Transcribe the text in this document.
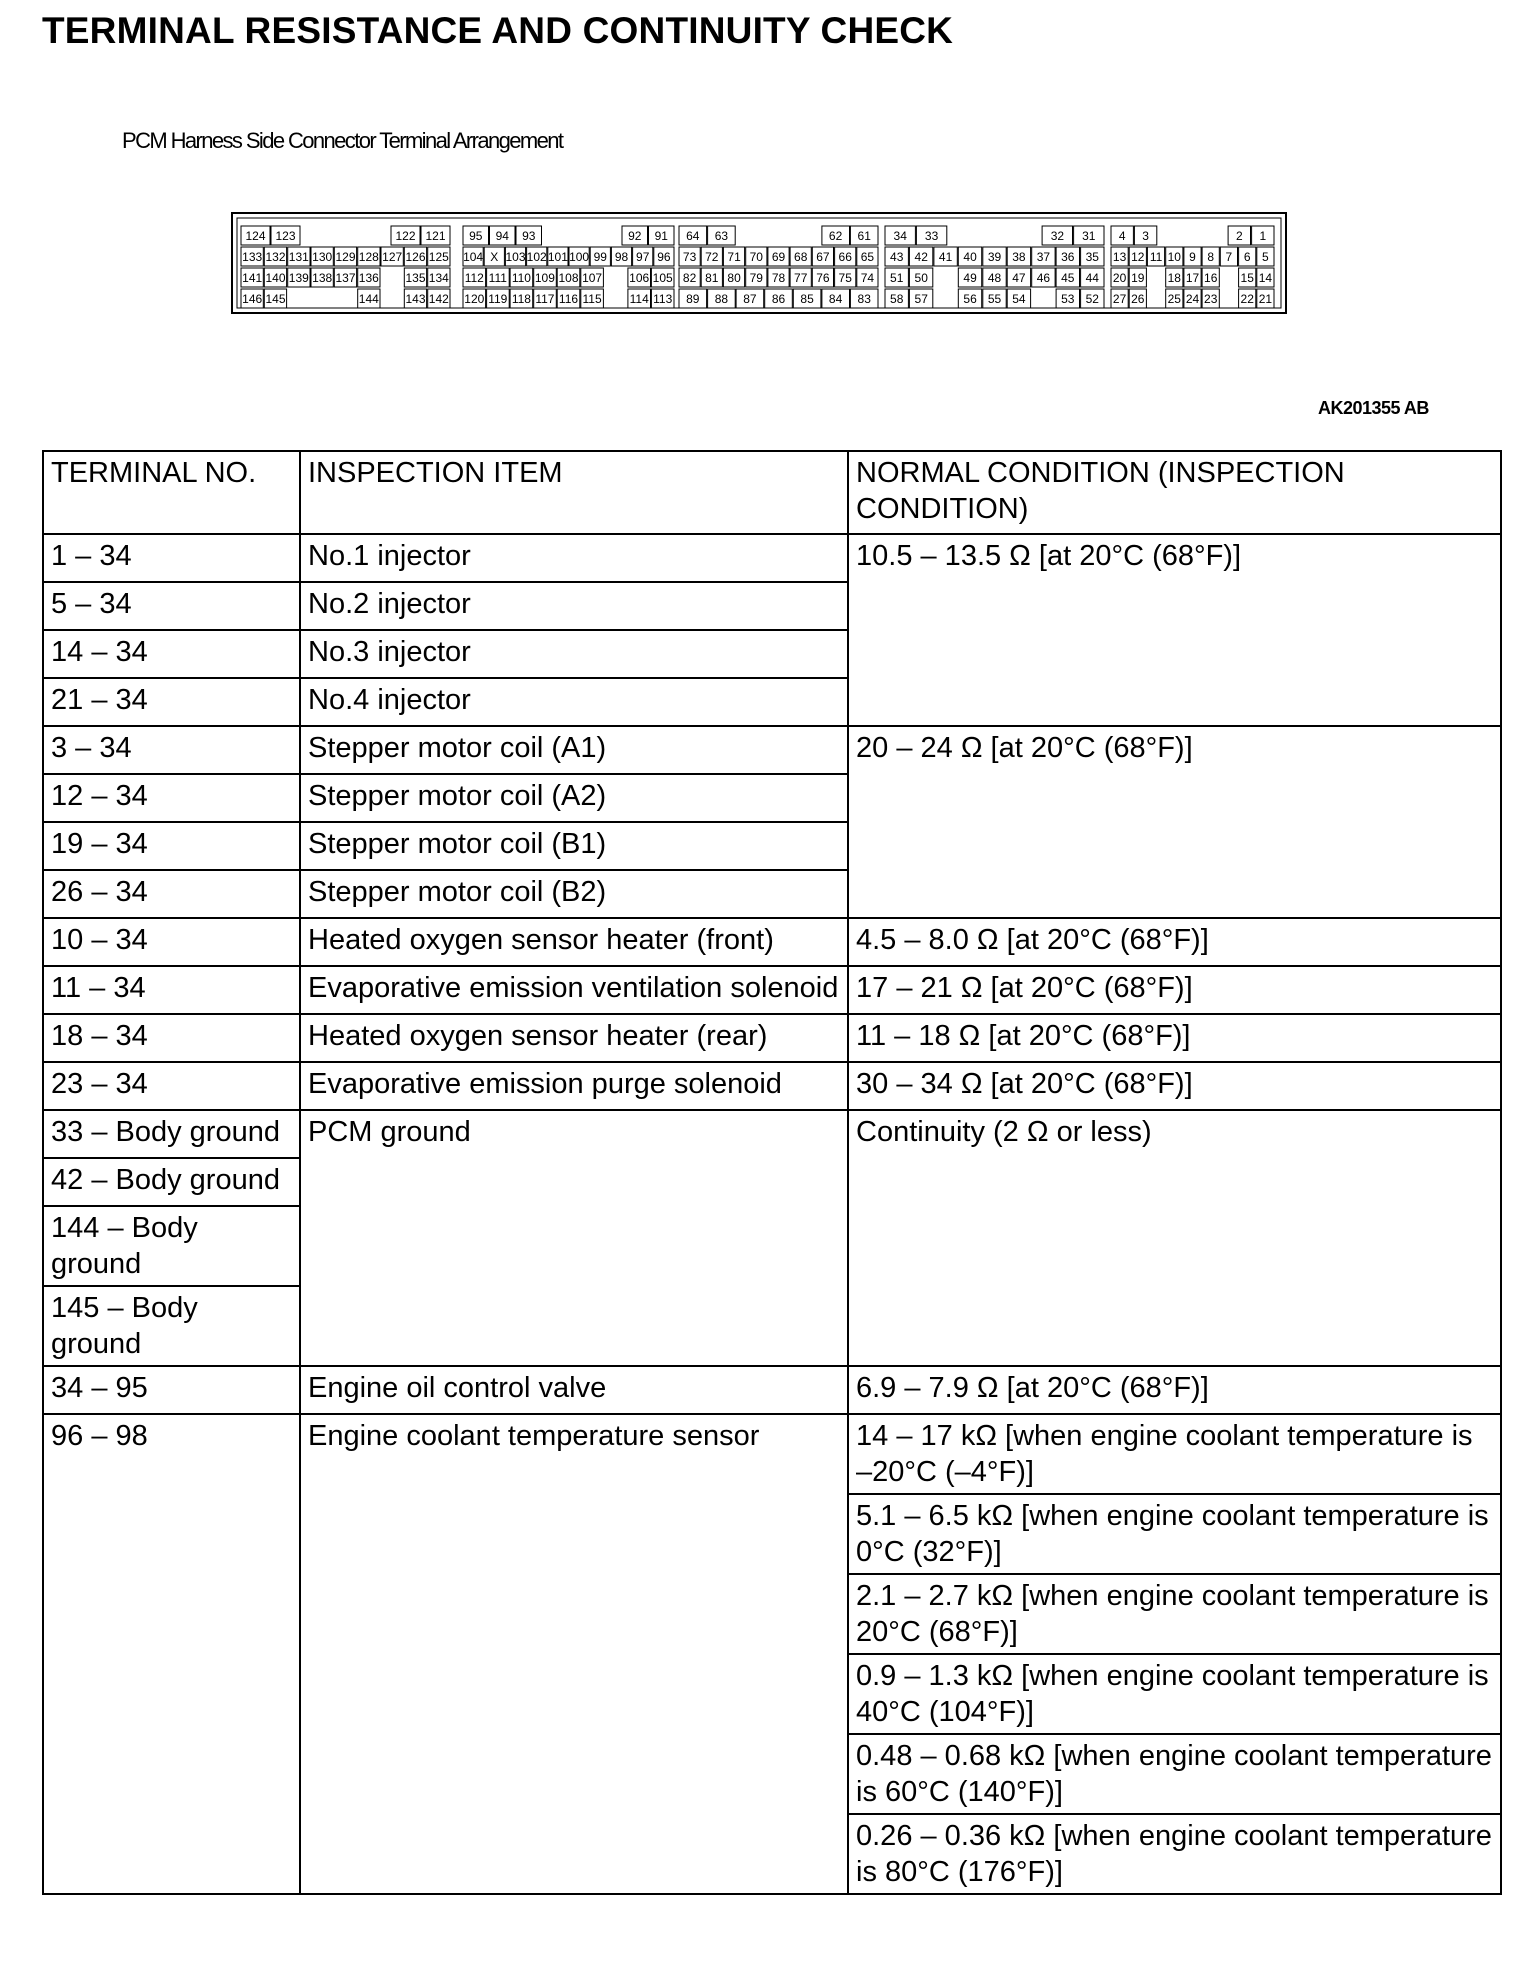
TERMINAL RESISTANCE AND CONTINUITY CHECK
PCM Harness Side Connector Terminal Arrangement
124 123	122 121
133 132 131 130 129 128 127 126 125
141 140 139 138 137 136 135 134
146 145	144 143 142
95 94 93	92 91
104 X 103 102 101 100 99 98 97 96
112 111 110 109 108 107 106 105
120 119 118 117 116 115 114 113
64 63	62 61
73 72 71 70 69 68 67 66 65
82 81 80 79 78 77 76 75 74
89 88 87 86 85 84 83
34 33	32 31
43 42 41 40 39 38 37 36 35
51 50	49 48 47 46 45 44
58 57	56 55 54	53 52
4 3	2 1
13 12 11 10 9 8 7 6 5
20 19 18 17 16 15 14
27 26 25 24 23 22 21
AK201355 AB
TERMINAL NO.	INSPECTION ITEM	NORMAL CONDITION (INSPECTION CONDITION)
1 – 34	No.1 injector	10.5 – 13.5 Ω [at 20°C (68°F)]
5 – 34	No.2 injector	
14 – 34	No.3 injector	
21 – 34	No.4 injector	
3 – 34	Stepper motor coil (A1)	20 – 24 Ω [at 20°C (68°F)]
12 – 34	Stepper motor coil (A2)	
19 – 34	Stepper motor coil (B1)	
26 – 34	Stepper motor coil (B2)	
10 – 34	Heated oxygen sensor heater (front)	4.5 – 8.0 Ω [at 20°C (68°F)]
11 – 34	Evaporative emission ventilation solenoid	17 – 21 Ω [at 20°C (68°F)]
18 – 34	Heated oxygen sensor heater (rear)	11 – 18 Ω [at 20°C (68°F)]
23 – 34	Evaporative emission purge solenoid	30 – 34 Ω [at 20°C (68°F)]
33 – Body ground	PCM ground	Continuity (2 Ω or less)
42 – Body ground		
144 – Body ground		
145 – Body ground		
34 – 95	Engine oil control valve	6.9 – 7.9 Ω [at 20°C (68°F)]
96 – 98	Engine coolant temperature sensor	14 – 17 kΩ [when engine coolant temperature is –20°C (–4°F)]
		5.1 – 6.5 kΩ [when engine coolant temperature is 0°C (32°F)]
		2.1 – 2.7 kΩ [when engine coolant temperature is 20°C (68°F)]
		0.9 – 1.3 kΩ [when engine coolant temperature is 40°C (104°F)]
		0.48 – 0.68 kΩ [when engine coolant temperature is 60°C (140°F)]
		0.26 – 0.36 kΩ [when engine coolant temperature is 80°C (176°F)]
